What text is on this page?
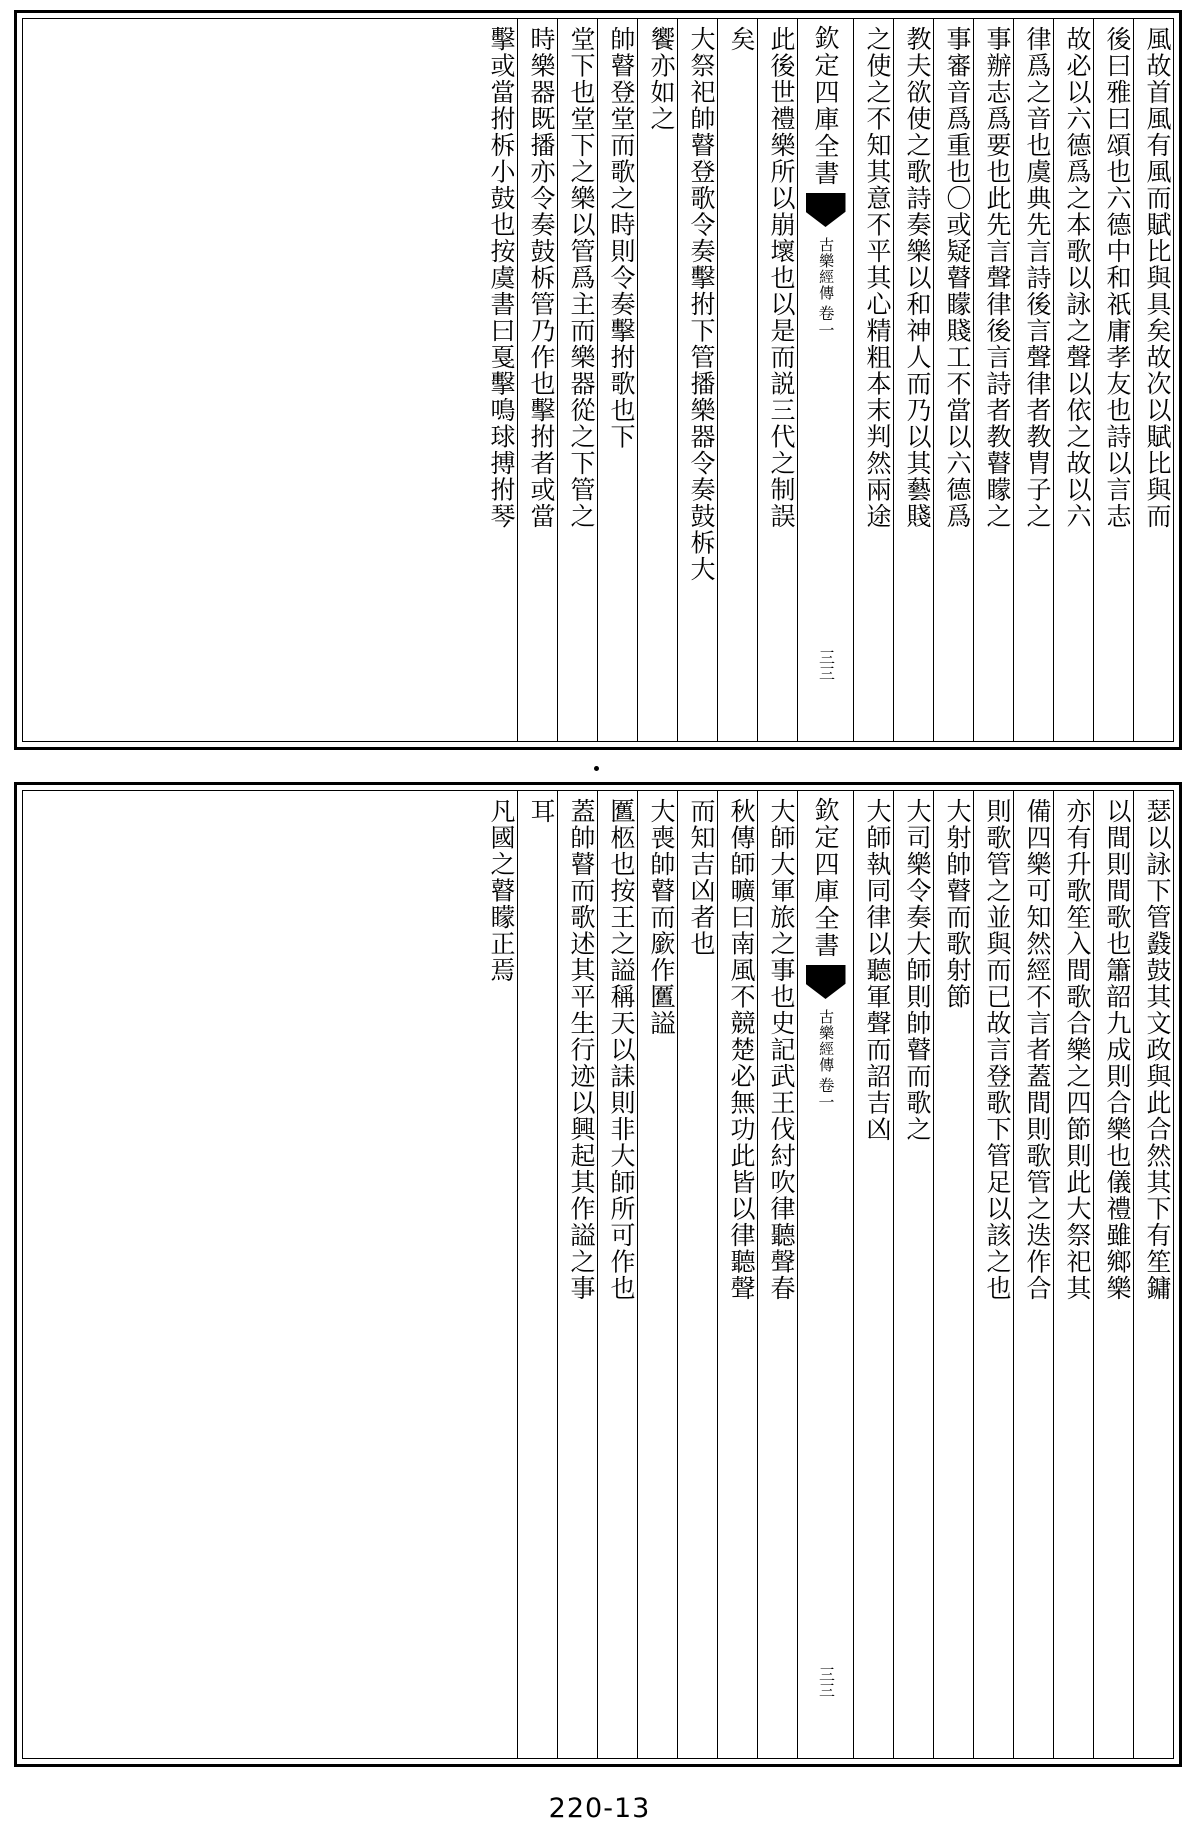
風故首風有風而賦比與具矣故次以賦比與而
後曰雅曰頌也六德中和祇庸孝友也詩以言志
故必以六德爲之本歌以詠之聲以依之故以六
律爲之音也虞典先言詩後言聲律者教胄子之
事辦志爲要也此先言聲律後言詩者教瞽矇之
事審音爲重也〇或疑瞽矇賤工不當以六德爲
教夫欲使之歌詩奏樂以和神人而乃以其藝賤
之使之不知其意不平其心精粗本末判然兩途
欽定四庫全書
古樂經傳
卷一
三三
此後世禮樂所以崩壞也以是而説三代之制誤
矣
大祭祀帥瞽登歌令奏擊拊下管播樂器令奏鼓柝大
饗亦如之
帥瞽登堂而歌之時則令奏擊拊歌也下
堂下也堂下之樂以管爲主而樂器從之下管之
時樂器既播亦令奏鼓柝管乃作也擊拊者或當
擊或當拊柝小鼓也按虞書曰戛擊鳴球搏拊琴
瑟以詠下管鼗鼓其文政與此合然其下有笙鏞
以間則間歌也簫韶九成則合樂也儀禮雖鄉樂
亦有升歌笙入間歌合樂之四節則此大祭祀其
備四樂可知然經不言者蓋間則歌管之迭作合
則歌管之並與而已故言登歌下管足以該之也
大射帥瞽而歌射節
大司樂令奏大師則帥瞽而歌之
大師執同律以聽軍聲而詔吉凶
欽定四庫全書
古樂經傳
卷一
三三
大師大軍旅之事也史記武王伐紂吹律聽聲春
秋傳師曠曰南風不競楚必無功此皆以律聽聲
而知吉凶者也
大喪帥瞽而廞作匶謚
匶柩也按王之謚稱天以誄則非大師所可作也
蓋帥瞽而歌述其平生行迹以興起其作謚之事
耳
凡國之瞽矇正焉
220-13
